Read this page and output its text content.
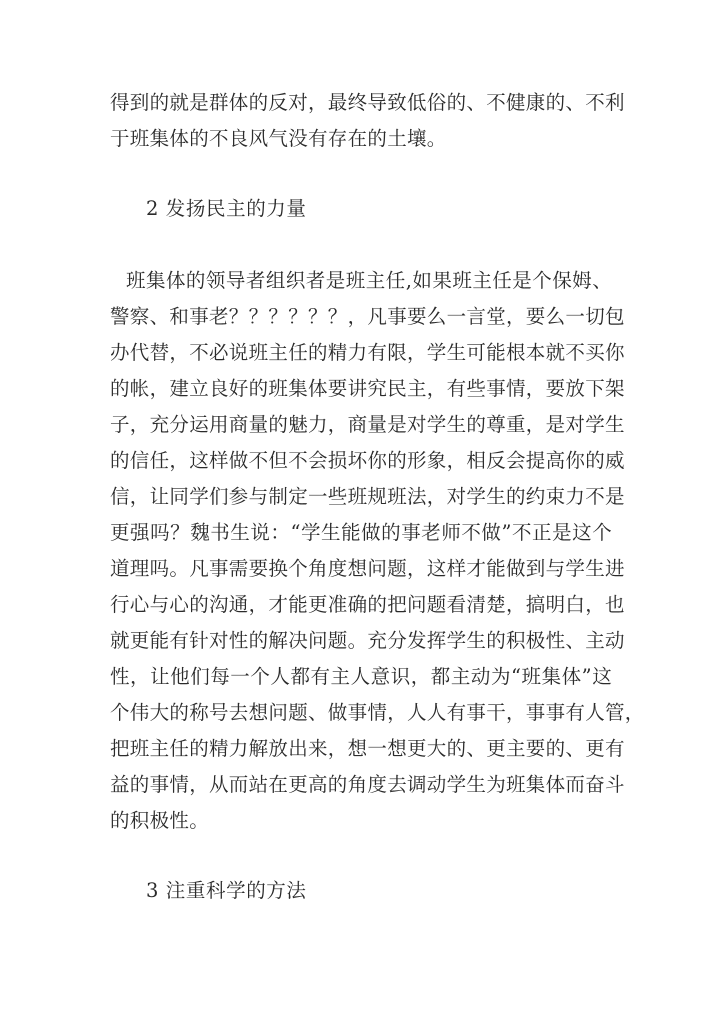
得到的就是群体的反对，最终导致低俗的、不健康的、不利
于班集体的不良风气没有存在的土壤。
2 发扬民主的力量
班集体的领导者组织者是班主任,如果班主任是个保姆、
警察、和事老？？？？？？，凡事要么一言堂，要么一切包
办代替，不必说班主任的精力有限，学生可能根本就不买你
的帐，建立良好的班集体要讲究民主，有些事情，要放下架
子，充分运用商量的魅力，商量是对学生的尊重，是对学生
的信任，这样做不但不会损坏你的形象，相反会提高你的威
信，让同学们参与制定一些班规班法，对学生的约束力不是
更强吗？魏书生说：“学生能做的事老师不做”不正是这个
道理吗。凡事需要换个角度想问题，这样才能做到与学生进
行心与心的沟通，才能更准确的把问题看清楚，搞明白，也
就更能有针对性的解决问题。充分发挥学生的积极性、主动
性，让他们每一个人都有主人意识，都主动为“班集体”这
个伟大的称号去想问题、做事情，人人有事干，事事有人管，
把班主任的精力解放出来，想一想更大的、更主要的、更有
益的事情，从而站在更高的角度去调动学生为班集体而奋斗
的积极性。
3 注重科学的方法
